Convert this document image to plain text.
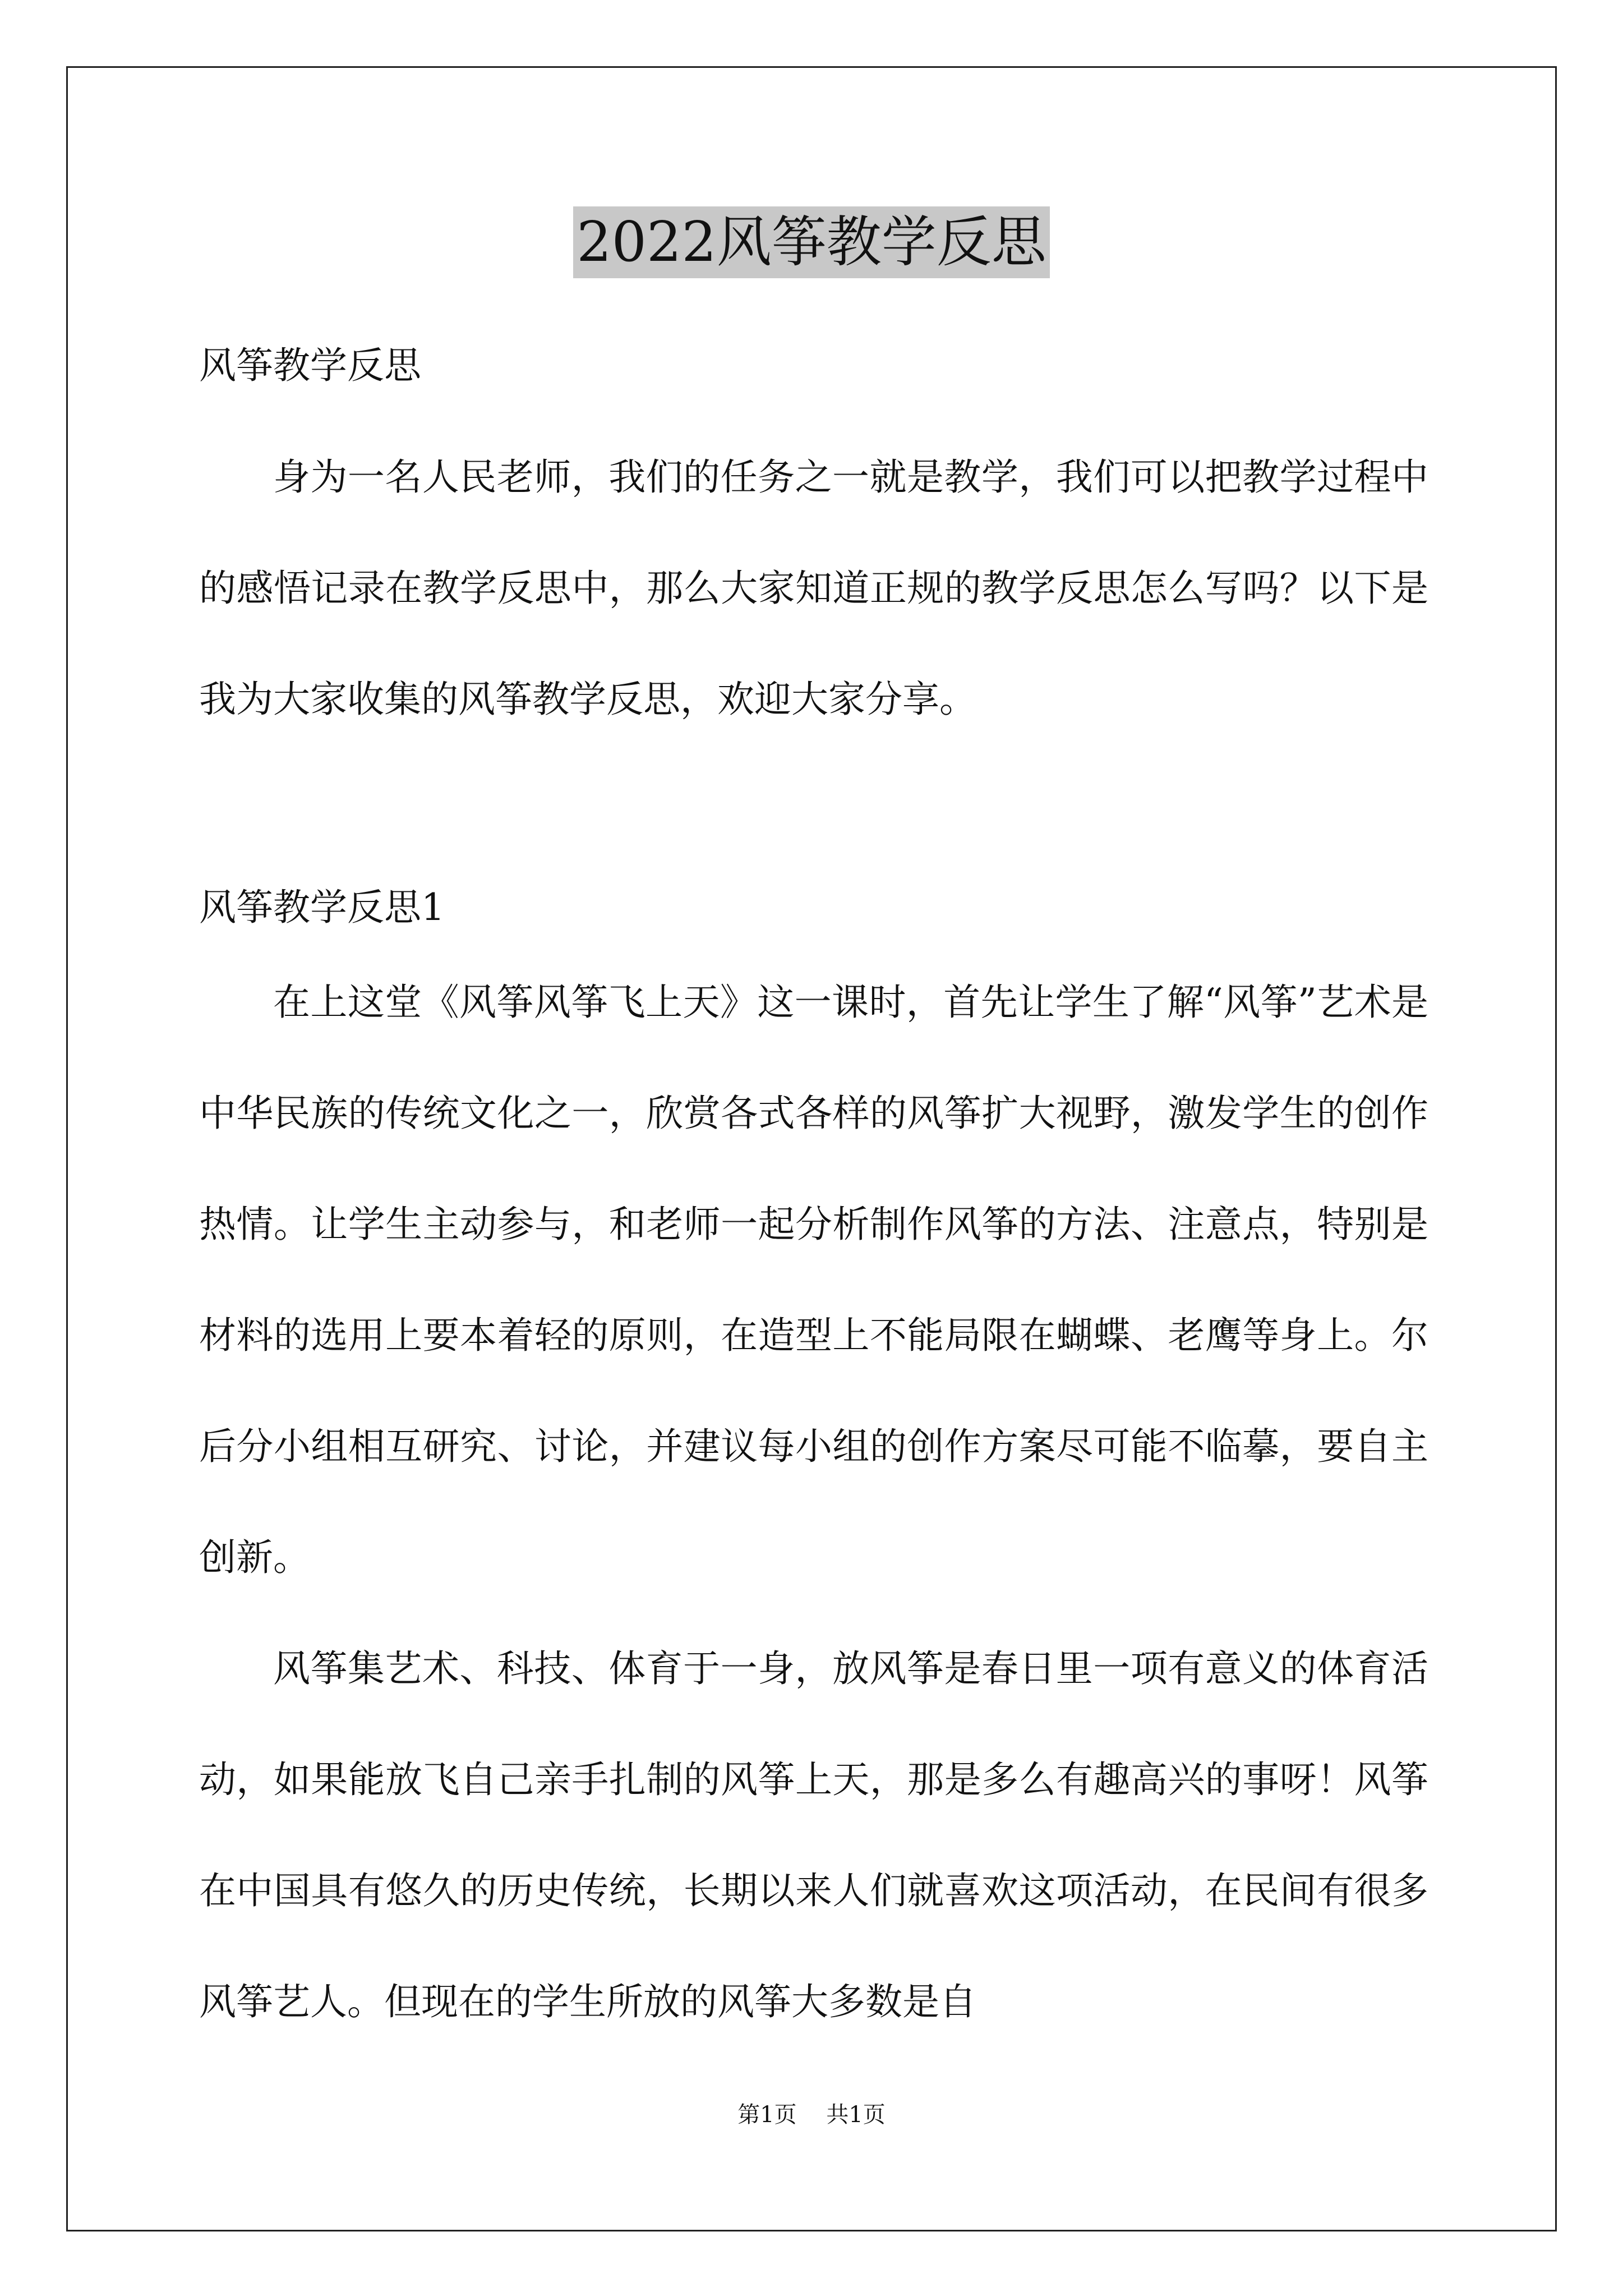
2022风筝教学反思

风筝教学反思

身为一名人民老师，我们的任务之一就是教学，我们可以把教学过程中的感悟记录在教学反思中，那么大家知道正规的教学反思怎么写吗？以下是我为大家收集的风筝教学反思，欢迎大家分享。

风筝教学反思1

在上这堂《风筝风筝飞上天》这一课时，首先让学生了解“风筝”艺术是中华民族的传统文化之一，欣赏各式各样的风筝扩大视野，激发学生的创作热情。让学生主动参与，和老师一起分析制作风筝的方法、注意点，特别是材料的选用上要本着轻的原则，在造型上不能局限在蝴蝶、老鹰等身上。尔后分小组相互研究、讨论，并建议每小组的创作方案尽可能不临摹，要自主创新。

风筝集艺术、科技、体育于一身，放风筝是春日里一项有意义的体育活动，如果能放飞自己亲手扎制的风筝上天，那是多么有趣高兴的事呀！风筝在中国具有悠久的历史传统，长期以来人们就喜欢这项活动，在民间有很多风筝艺人。但现在的学生所放的风筝大多数是自

第1页 共1页
